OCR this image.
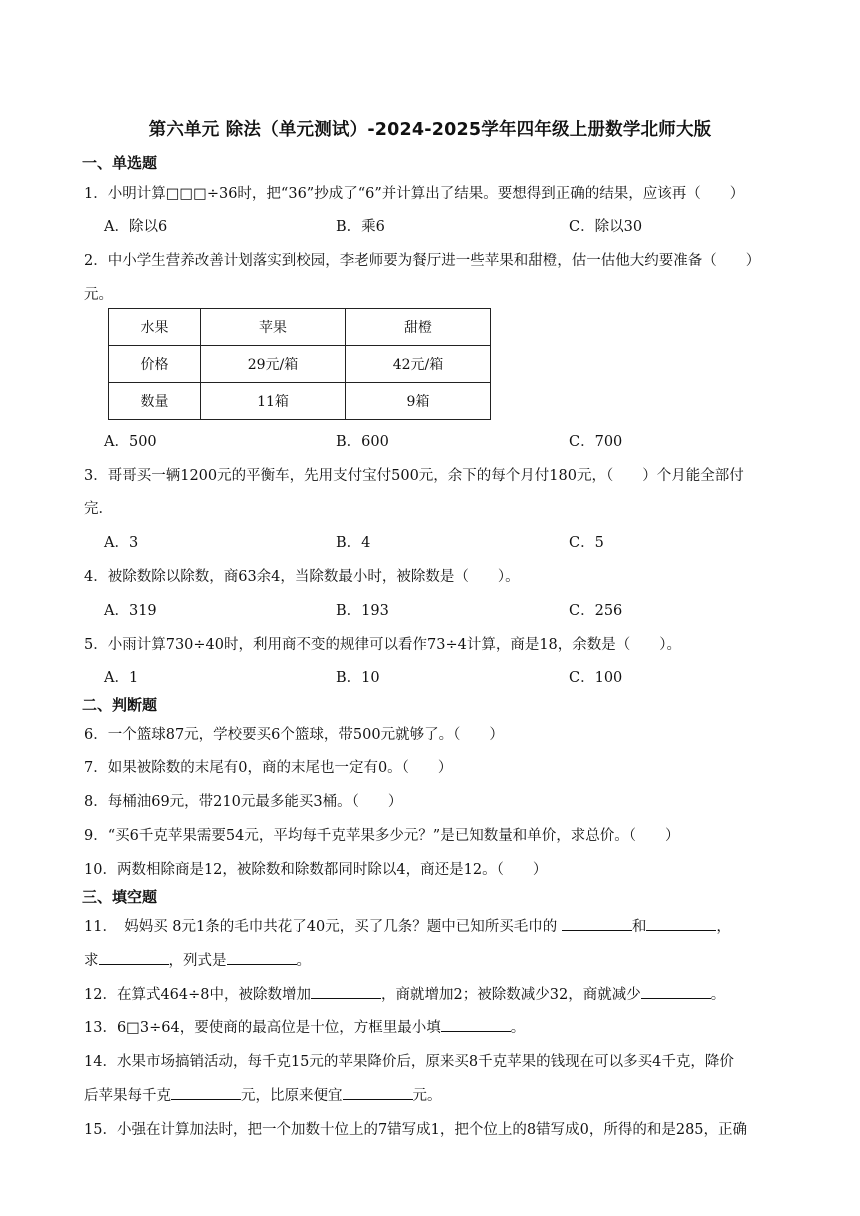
第六单元 除法（单元测试）-2024-2025学年四年级上册数学北师大版
一、单选题
1．小明计算□□□÷36时，把“36”抄成了“6”并计算出了结果。要想得到正确的结果，应该再（　　）
A．除以6	B．乘6	C．除以30
2．中小学生营养改善计划落实到校园，李老师要为餐厅进一些苹果和甜橙，估一估他大约要准备（　　）
元。
水果	苹果	甜橙
价格	29元/箱	42元/箱
数量	11箱	9箱
A．500	B．600	C．700
3．哥哥买一辆1200元的平衡车，先用支付宝付500元，余下的每个月付180元，（　　）个月能全部付
完．
A．3	B．4	C．5
4．被除数除以除数，商63余4，当除数最小时，被除数是（　　）。
A．319	B．193	C．256
5．小雨计算730÷40时，利用商不变的规律可以看作73÷4计算，商是18，余数是（　　）。
A．1	B．10	C．100
二、判断题
6．一个篮球87元，学校要买6个篮球，带500元就够了。（　　）
7．如果被除数的末尾有0，商的末尾也一定有0。（　　）
8．每桶油69元，带210元最多能买3桶。（　　）
9．“买6千克苹果需要54元，平均每千克苹果多少元？”是已知数量和单价，求总价。（　　）
10．两数相除商是12，被除数和除数都同时除以4，商还是12。（　　）
三、填空题
11．　妈妈买 8元1条的毛巾共花了40元，买了几条？题中已知所买毛巾的	和	，
求	，列式是	。
12．在算式464÷8中，被除数增加	，商就增加2；被除数减少32，商就减少	。
13．6□3÷64，要使商的最高位是十位，方框里最小填	。
14．水果市场搞销活动，每千克15元的苹果降价后，原来买8千克苹果的钱现在可以多买4千克，降价
后苹果每千克	元，比原来便宜	元。
15．小强在计算加法时，把一个加数十位上的7错写成1，把个位上的8错写成0，所得的和是285，正确
